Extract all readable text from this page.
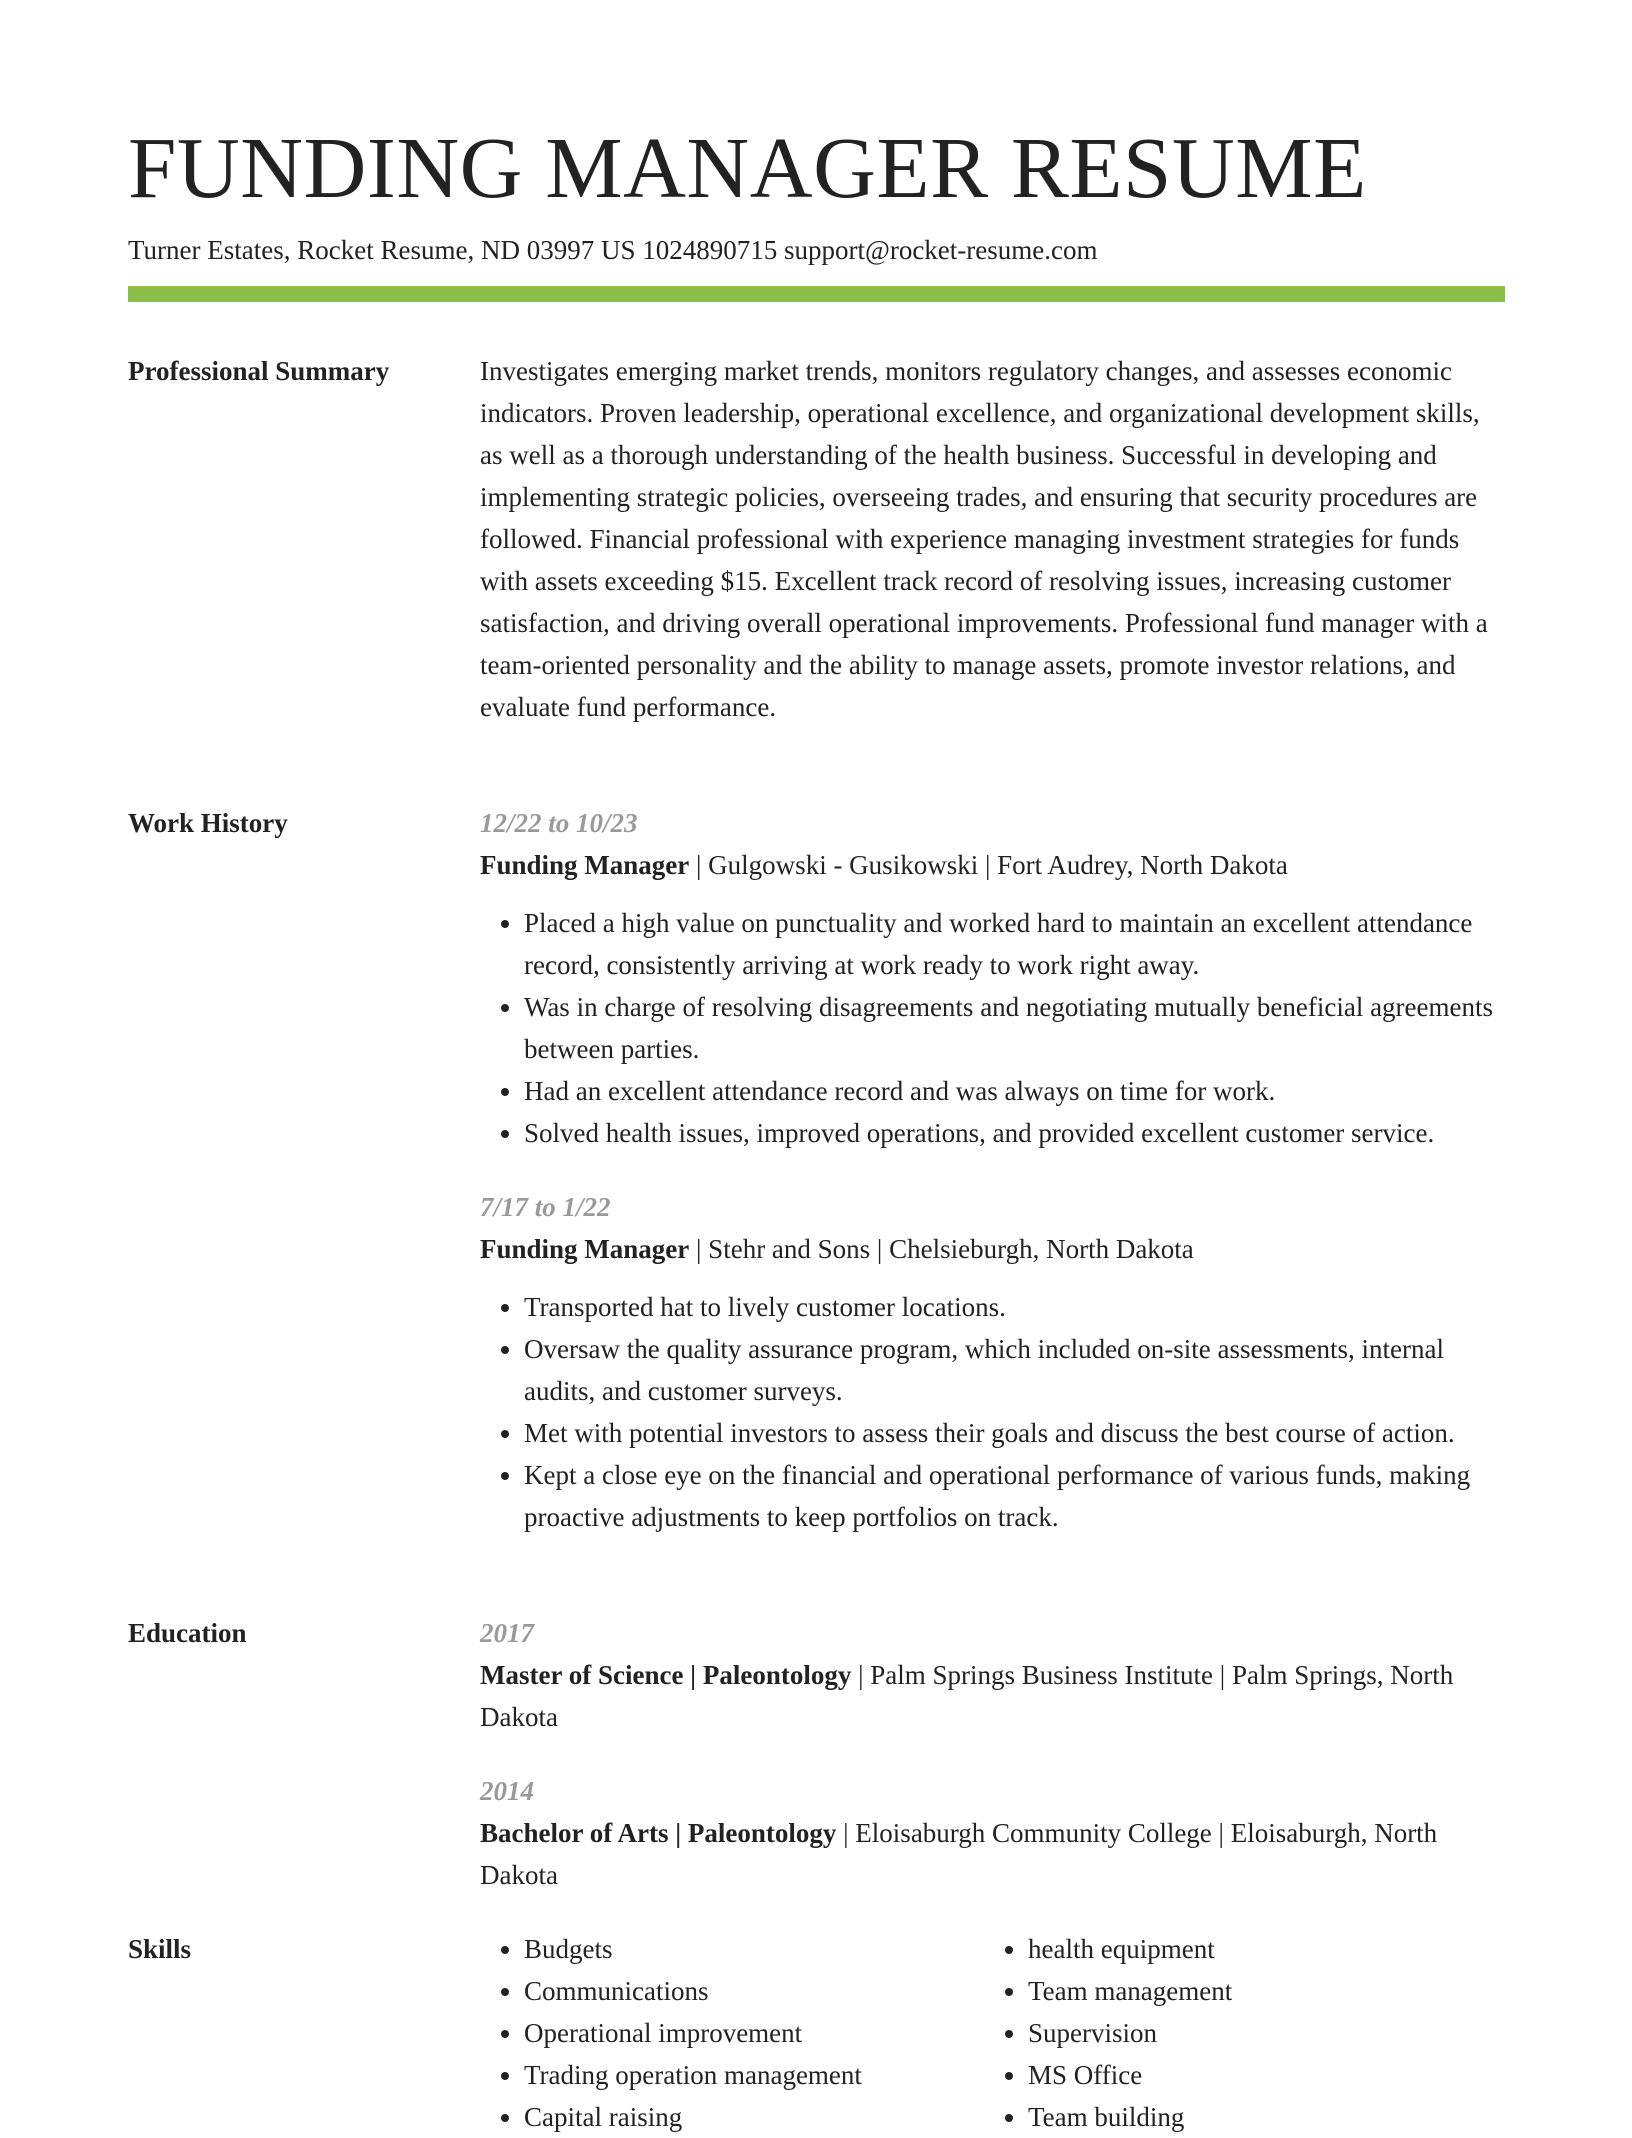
FUNDING MANAGER RESUME
Turner Estates, Rocket Resume, ND 03997 US 1024890715 support@rocket-resume.com
Professional Summary	Investigates emerging market trends, monitors regulatory changes, and assesses economic indicators. Proven leadership, operational excellence, and organizational development skills, as well as a thorough understanding of the health business. Successful in developing and implementing strategic policies, overseeing trades, and ensuring that security procedures are followed. Financial professional with experience managing investment strategies for funds with assets exceeding $15. Excellent track record of resolving issues, increasing customer satisfaction, and driving overall operational improvements. Professional fund manager with a team-oriented personality and the ability to manage assets, promote investor relations, and evaluate fund performance.

Work History	12/22 to 10/23
Funding Manager | Gulgowski - Gusikowski | Fort Audrey, North Dakota
• Placed a high value on punctuality and worked hard to maintain an excellent attendance record, consistently arriving at work ready to work right away.
• Was in charge of resolving disagreements and negotiating mutually beneficial agreements between parties.
• Had an excellent attendance record and was always on time for work.
• Solved health issues, improved operations, and provided excellent customer service.
7/17 to 1/22
Funding Manager | Stehr and Sons | Chelsieburgh, North Dakota
• Transported hat to lively customer locations.
• Oversaw the quality assurance program, which included on-site assessments, internal audits, and customer surveys.
• Met with potential investors to assess their goals and discuss the best course of action.
• Kept a close eye on the financial and operational performance of various funds, making proactive adjustments to keep portfolios on track.
Education	2017
Master of Science | Paleontology | Palm Springs Business Institute | Palm Springs, North Dakota
2014
Bachelor of Arts | Paleontology | Eloisaburgh Community College | Eloisaburgh, North Dakota
Skills
•	Budgets
• Communications
• Operational improvement
• Trading operation management
• Capital raising
• health equipment
• Team management
• Supervision
• MS Office
• Team building
